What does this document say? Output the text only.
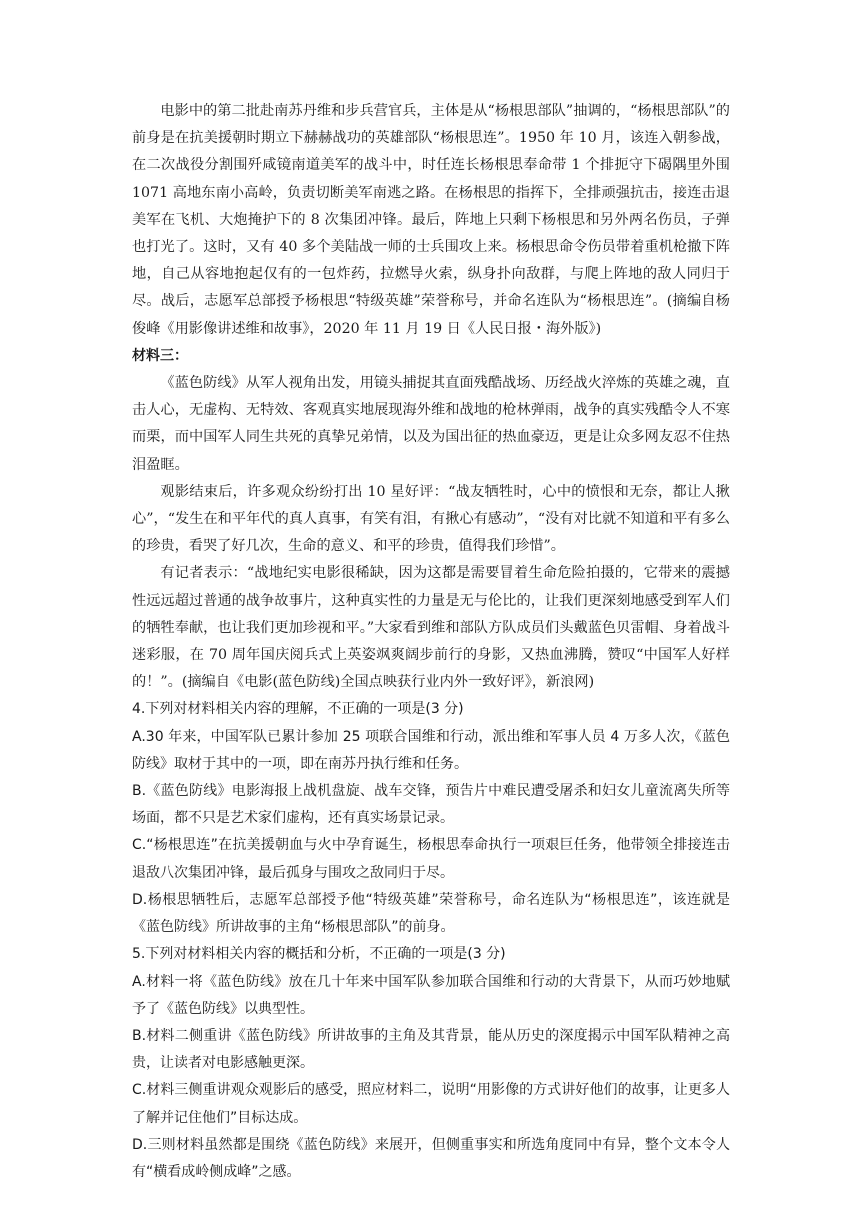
电影中的第二批赴南苏丹维和步兵营官兵，主体是从“杨根思部队”抽调的，“杨根思部队”的前身是在抗美援朝时期立下赫赫战功的英雄部队“杨根思连”。1950 年 10 月，该连入朝参战，在二次战役分割围歼咸镜南道美军的战斗中，时任连长杨根思奉命带 1 个排扼守下碣隅里外围 1071 高地东南小高岭，负责切断美军南逃之路。在杨根思的指挥下，全排顽强抗击，接连击退美军在飞机、大炮掩护下的 8 次集团冲锋。最后，阵地上只剩下杨根思和另外两名伤员，子弹也打光了。这时，又有 40 多个美陆战一师的士兵围攻上来。杨根思命令伤员带着重机枪撤下阵地，自己从容地抱起仅有的一包炸药，拉燃导火索，纵身扑向敌群，与爬上阵地的敌人同归于尽。战后，志愿军总部授予杨根思“特级英雄”荣誉称号，并命名连队为“杨根思连”。(摘编自杨俊峰《用影像讲述维和故事》，2020 年 11 月 19 日《人民日报・海外版》)

材料三：

《蓝色防线》从军人视角出发，用镜头捕捉其直面残酷战场、历经战火淬炼的英雄之魂，直击人心，无虚构、无特效、客观真实地展现海外维和战地的枪林弹雨，战争的真实残酷令人不寒而栗，而中国军人同生共死的真挚兄弟情，以及为国出征的热血豪迈，更是让众多网友忍不住热泪盈眶。

观影结束后，许多观众纷纷打出 10 星好评：“战友牺牲时，心中的愤恨和无奈，都让人揪心”，“发生在和平年代的真人真事，有笑有泪，有揪心有感动”，“没有对比就不知道和平有多么的珍贵，看哭了好几次，生命的意义、和平的珍贵，值得我们珍惜”。

有记者表示：“战地纪实电影很稀缺，因为这都是需要冒着生命危险拍摄的，它带来的震撼性远远超过普通的战争故事片，这种真实性的力量是无与伦比的，让我们更深刻地感受到军人们的牺牲奉献，也让我们更加珍视和平。”大家看到维和部队方队成员们头戴蓝色贝雷帽、身着战斗迷彩服，在 70 周年国庆阅兵式上英姿飒爽阔步前行的身影，又热血沸腾，赞叹“中国军人好样的！”。(摘编自《电影(蓝色防线)全国点映获行业内外一致好评》，新浪网)

4.下列对材料相关内容的理解，不正确的一项是(3 分)

A.30 年来，中国军队已累计参加 25 项联合国维和行动，派出维和军事人员 4 万多人次，《蓝色防线》取材于其中的一项，即在南苏丹执行维和任务。

B.《蓝色防线》电影海报上战机盘旋、战车交锋，预告片中难民遭受屠杀和妇女儿童流离失所等场面，都不只是艺术家们虚构，还有真实场景记录。

C.“杨根思连”在抗美援朝血与火中孕育诞生，杨根思奉命执行一项艰巨任务，他带领全排接连击退敌八次集团冲锋，最后孤身与围攻之敌同归于尽。

D.杨根思牺牲后，志愿军总部授予他“特级英雄”荣誉称号，命名连队为“杨根思连”，该连就是《蓝色防线》所讲故事的主角“杨根思部队”的前身。

5.下列对材料相关内容的概括和分析，不正确的一项是(3 分)

A.材料一将《蓝色防线》放在几十年来中国军队参加联合国维和行动的大背景下，从而巧妙地赋予了《蓝色防线》以典型性。

B.材料二侧重讲《蓝色防线》所讲故事的主角及其背景，能从历史的深度揭示中国军队精神之高贵，让读者对电影感触更深。

C.材料三侧重讲观众观影后的感受，照应材料二，说明“用影像的方式讲好他们的故事，让更多人了解并记住他们”目标达成。

D.三则材料虽然都是围绕《蓝色防线》来展开，但侧重事实和所选角度同中有异，整个文本令人有“横看成岭侧成峰”之感。
